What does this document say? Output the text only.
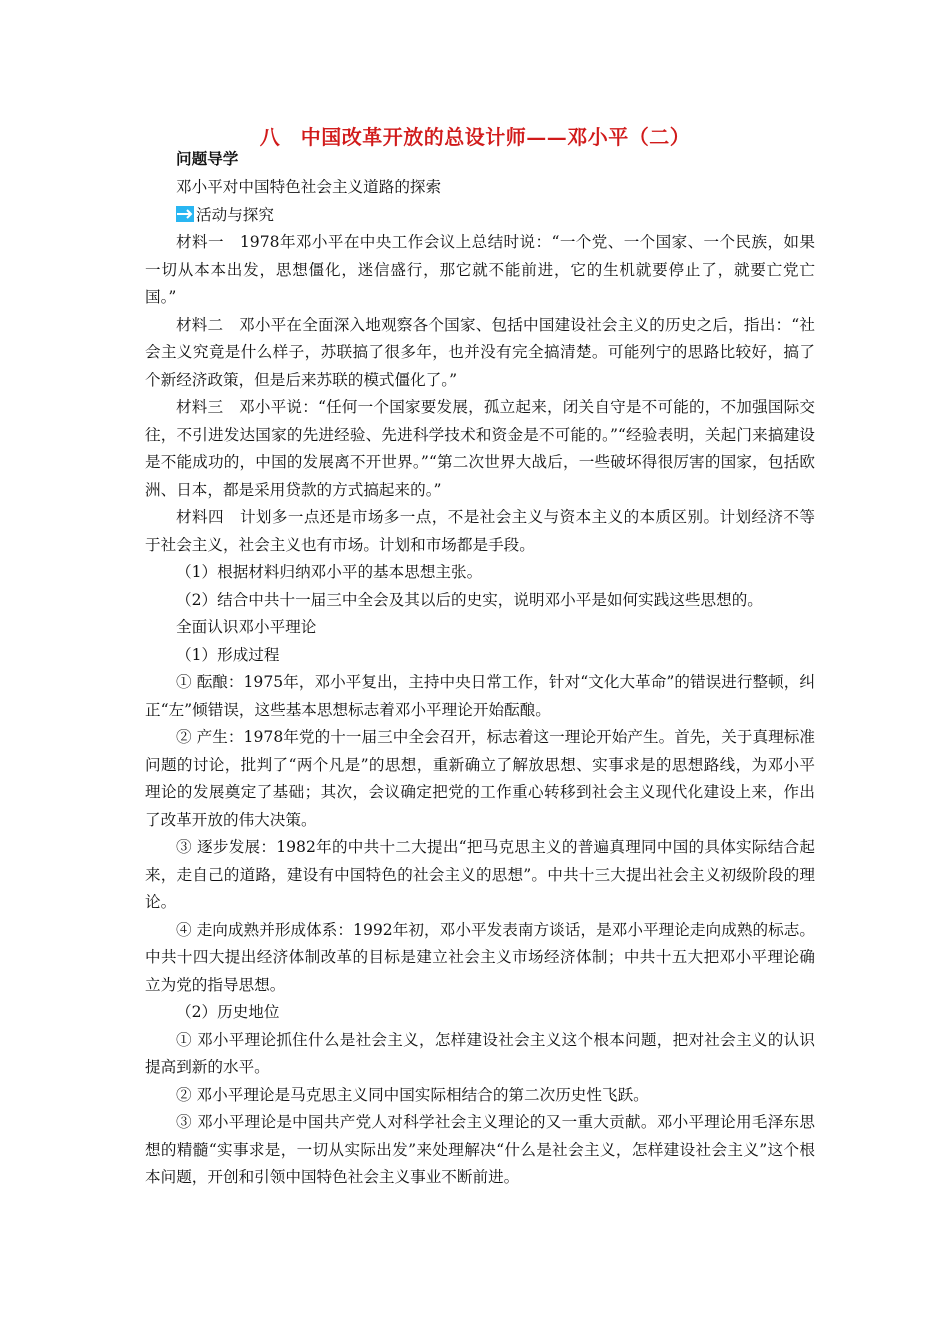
八　中国改革开放的总设计师——邓小平（二）

问题导学

邓小平对中国特色社会主义道路的探索

活动与探究

材料一　1978年邓小平在中央工作会议上总结时说：“一个党、一个国家、一个民族，如果一切从本本出发，思想僵化，迷信盛行，那它就不能前进，它的生机就要停止了，就要亡党亡国。”

材料二　邓小平在全面深入地观察各个国家、包括中国建设社会主义的历史之后，指出：“社会主义究竟是什么样子，苏联搞了很多年，也并没有完全搞清楚。可能列宁的思路比较好，搞了个新经济政策，但是后来苏联的模式僵化了。”

材料三　邓小平说：“任何一个国家要发展，孤立起来，闭关自守是不可能的，不加强国际交往，不引进发达国家的先进经验、先进科学技术和资金是不可能的。”“经验表明，关起门来搞建设是不能成功的，中国的发展离不开世界。”“第二次世界大战后，一些破坏得很厉害的国家，包括欧洲、日本，都是采用贷款的方式搞起来的。”

材料四　计划多一点还是市场多一点，不是社会主义与资本主义的本质区别。计划经济不等于社会主义，社会主义也有市场。计划和市场都是手段。

（1）根据材料归纳邓小平的基本思想主张。

（2）结合中共十一届三中全会及其以后的史实，说明邓小平是如何实践这些思想的。

全面认识邓小平理论

（1）形成过程

① 酝酿：1975年，邓小平复出，主持中央日常工作，针对“文化大革命”的错误进行整顿，纠正“左”倾错误，这些基本思想标志着邓小平理论开始酝酿。

② 产生：1978年党的十一届三中全会召开，标志着这一理论开始产生。首先，关于真理标准问题的讨论，批判了“两个凡是”的思想，重新确立了解放思想、实事求是的思想路线，为邓小平理论的发展奠定了基础；其次，会议确定把党的工作重心转移到社会主义现代化建设上来，作出了改革开放的伟大决策。

③ 逐步发展：1982年的中共十二大提出“把马克思主义的普遍真理同中国的具体实际结合起来，走自己的道路，建设有中国特色的社会主义的思想”。中共十三大提出社会主义初级阶段的理论。

④ 走向成熟并形成体系：1992年初，邓小平发表南方谈话，是邓小平理论走向成熟的标志。中共十四大提出经济体制改革的目标是建立社会主义市场经济体制；中共十五大把邓小平理论确立为党的指导思想。

（2）历史地位

① 邓小平理论抓住什么是社会主义，怎样建设社会主义这个根本问题，把对社会主义的认识提高到新的水平。

② 邓小平理论是马克思主义同中国实际相结合的第二次历史性飞跃。

③ 邓小平理论是中国共产党人对科学社会主义理论的又一重大贡献。邓小平理论用毛泽东思想的精髓“实事求是，一切从实际出发”来处理解决“什么是社会主义，怎样建设社会主义”这个根本问题，开创和引领中国特色社会主义事业不断前进。
